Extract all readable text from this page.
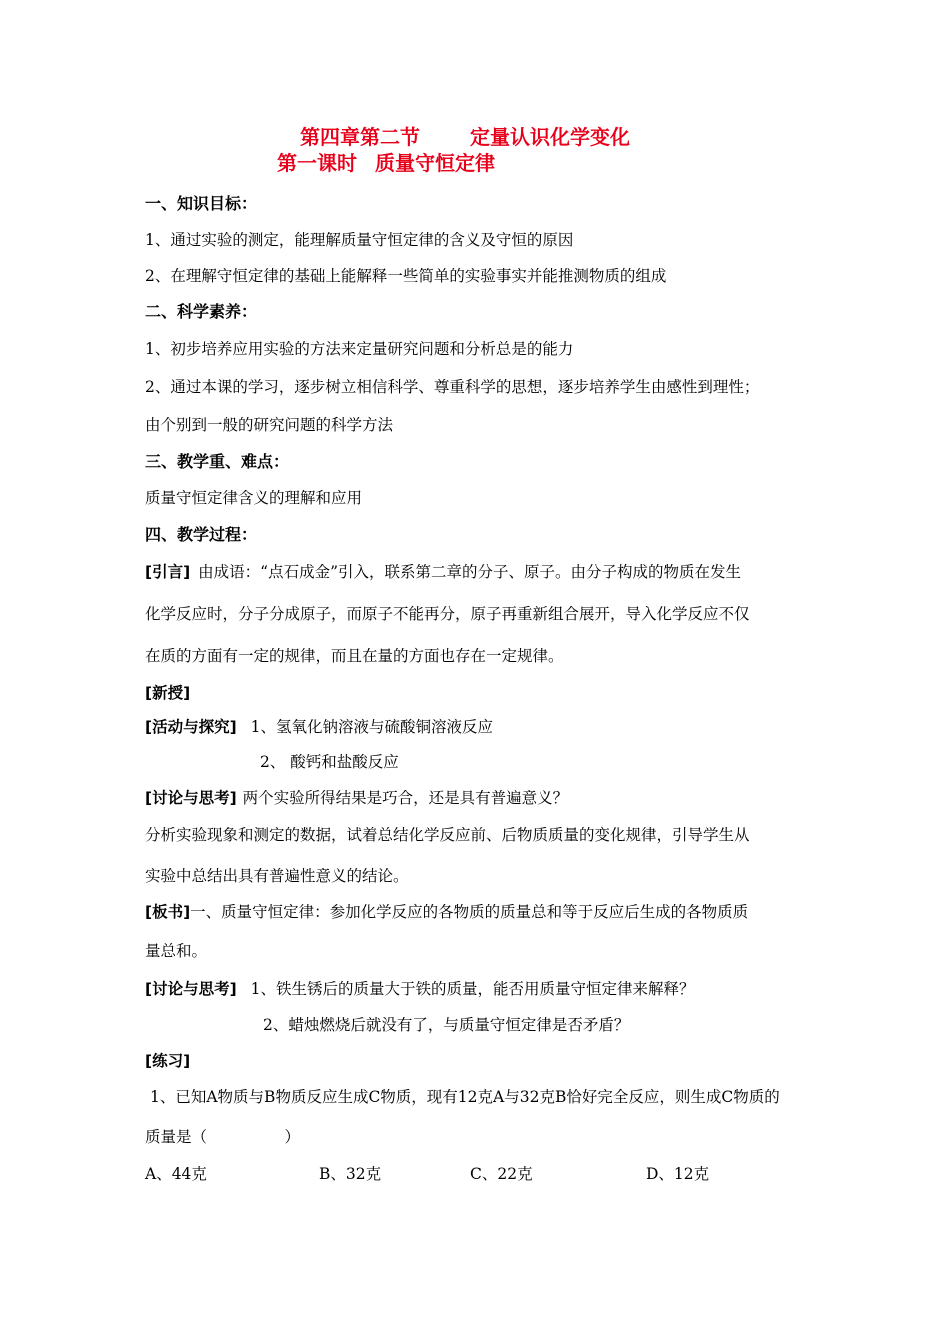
第四章第二节	定量认识化学变化
第一课时 质量守恒定律
一、知识目标：
1、通过实验的测定，能理解质量守恒定律的含义及守恒的原因
2、在理解守恒定律的基础上能解释一些简单的实验事实并能推测物质的组成
二、科学素养：
1、初步培养应用实验的方法来定量研究问题和分析总是的能力
2、通过本课的学习，逐步树立相信科学、尊重科学的思想，逐步培养学生由感性到理性；
由个别到一般的研究问题的科学方法
三、教学重、难点：
质量守恒定律含义的理解和应用
四、教学过程：
[引言] 由成语：“点石成金”引入，联系第二章的分子、原子。由分子构成的物质在发生
化学反应时，分子分成原子，而原子不能再分，原子再重新组合展开，导入化学反应不仅
在质的方面有一定的规律，而且在量的方面也存在一定规律。
[新授]
[活动与探究] 1、氢氧化钠溶液与硫酸铜溶液反应
2、 酸钙和盐酸反应
[讨论与思考] 两个实验所得结果是巧合，还是具有普遍意义？
分析实验现象和测定的数据，试着总结化学反应前、后物质质量的变化规律，引导学生从
实验中总结出具有普遍性意义的结论。
[板书]一、质量守恒定律：参加化学反应的各物质的质量总和等于反应后生成的各物质质
量总和。
[讨论与思考] 1、铁生锈后的质量大于铁的质量，能否用质量守恒定律来解释？
2、蜡烛燃烧后就没有了，与质量守恒定律是否矛盾？
[练习]
1、已知A物质与B物质反应生成C物质，现有12克A与32克B恰好完全反应，则生成C物质的
质量是（　　　　　）
A、44克	B、32克	C、22克	D、12克
